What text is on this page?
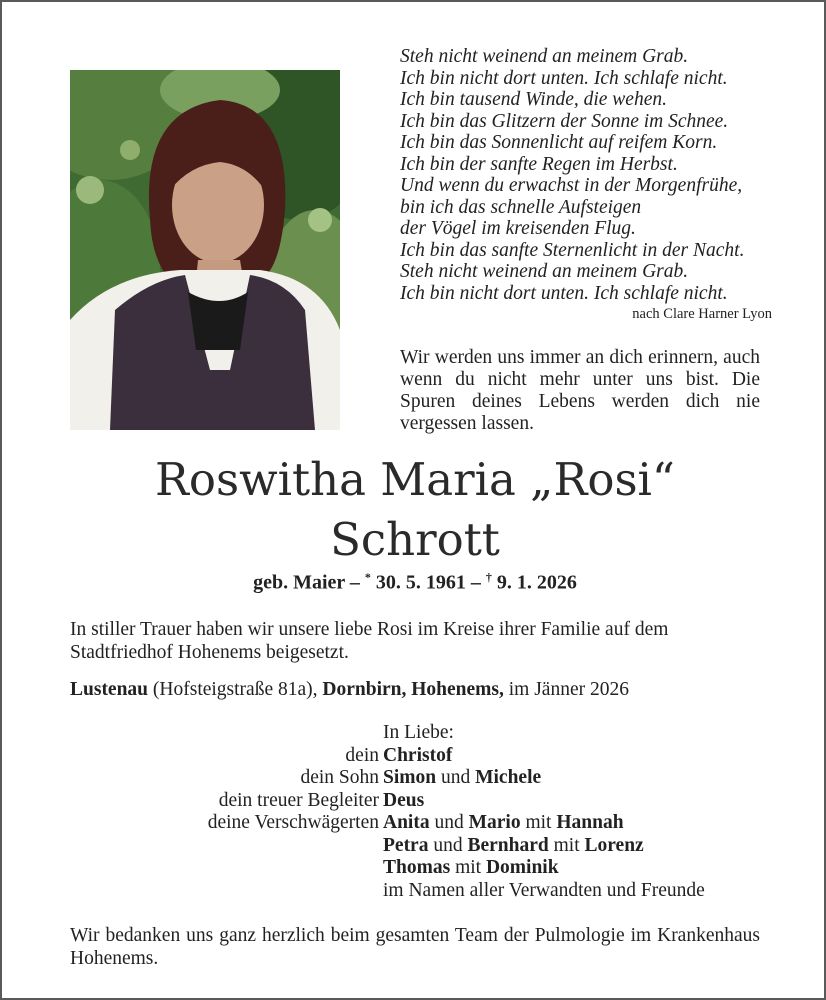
Steh nicht weinend an meinem Grab.
Ich bin nicht dort unten. Ich schlafe nicht.
Ich bin tausend Winde, die wehen.
Ich bin das Glitzern der Sonne im Schnee.
Ich bin das Sonnenlicht auf reifem Korn.
Ich bin der sanfte Regen im Herbst.
Und wenn du erwachst in der Morgenfrühe,
bin ich das schnelle Aufsteigen
der Vögel im kreisenden Flug.
Ich bin das sanfte Sternenlicht in der Nacht.
Steh nicht weinend an meinem Grab.
Ich bin nicht dort unten. Ich schlafe nicht.
nach Clare Harner Lyon
Wir werden uns immer an dich erinnern, auch wenn du nicht mehr unter uns bist. Die Spuren deines Lebens werden dich nie vergessen lassen.
Roswitha Maria „Rosi“
Schrott
geb. Maier – * 30. 5. 1961 – † 9. 1. 2026
In stiller Trauer haben wir unsere liebe Rosi im Kreise ihrer Familie auf dem Stadtfriedhof Hohenems beigesetzt.
Lustenau (Hofsteigstraße 81a), Dornbirn, Hohenems, im Jänner 2026
In Liebe:
dein Christof
dein Sohn Simon und Michele
dein treuer Begleiter Deus
deine Verschwägerten Anita und Mario mit Hannah
Petra und Bernhard mit Lorenz
Thomas mit Dominik
im Namen aller Verwandten und Freunde
Wir bedanken uns ganz herzlich beim gesamten Team der Pulmologie im Krankenhaus Hohenems.
